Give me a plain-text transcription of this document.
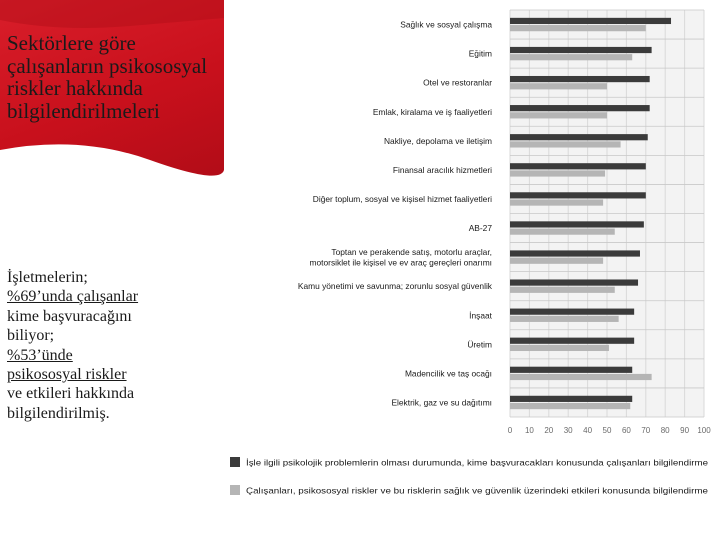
Sektörlere göre çalışanların psikososyal riskler hakkında bilgilendirilmeleri
İşletmelerin;
%69’unda çalışanlar
kime başvuracağını
biliyor;
%53’ünde
psikososyal riskler
ve etkileri hakkında
bilgilendirilmiş.
Sağlık ve sosyal çalışma
Eğitim
Otel ve restoranlar
Emlak, kiralama ve iş faaliyetleri
Nakliye, depolama ve iletişim
Finansal aracılık hizmetleri
Diğer toplum, sosyal ve kişisel hizmet faaliyetleri
AB-27
Toptan ve perakende satış, motorlu araçlar,
motorsiklet ile kişisel ve ev araç gereçleri onarımı
Kamu yönetimi ve savunma; zorunlu sosyal güvenlik
İnşaat
Üretim
Madencilik ve taş ocağı
Elektrik, gaz ve su dağıtımı
0 10 20 30 40 50 60 70 80 90 100
İşle ilgili psikolojik problemlerin olması durumunda, kime başvuracakları konusunda çalışanları bilgilendirme
Çalışanları, psikososyal riskler ve bu risklerin sağlık ve güvenlik üzerindeki etkileri konusunda bilgilendirme
